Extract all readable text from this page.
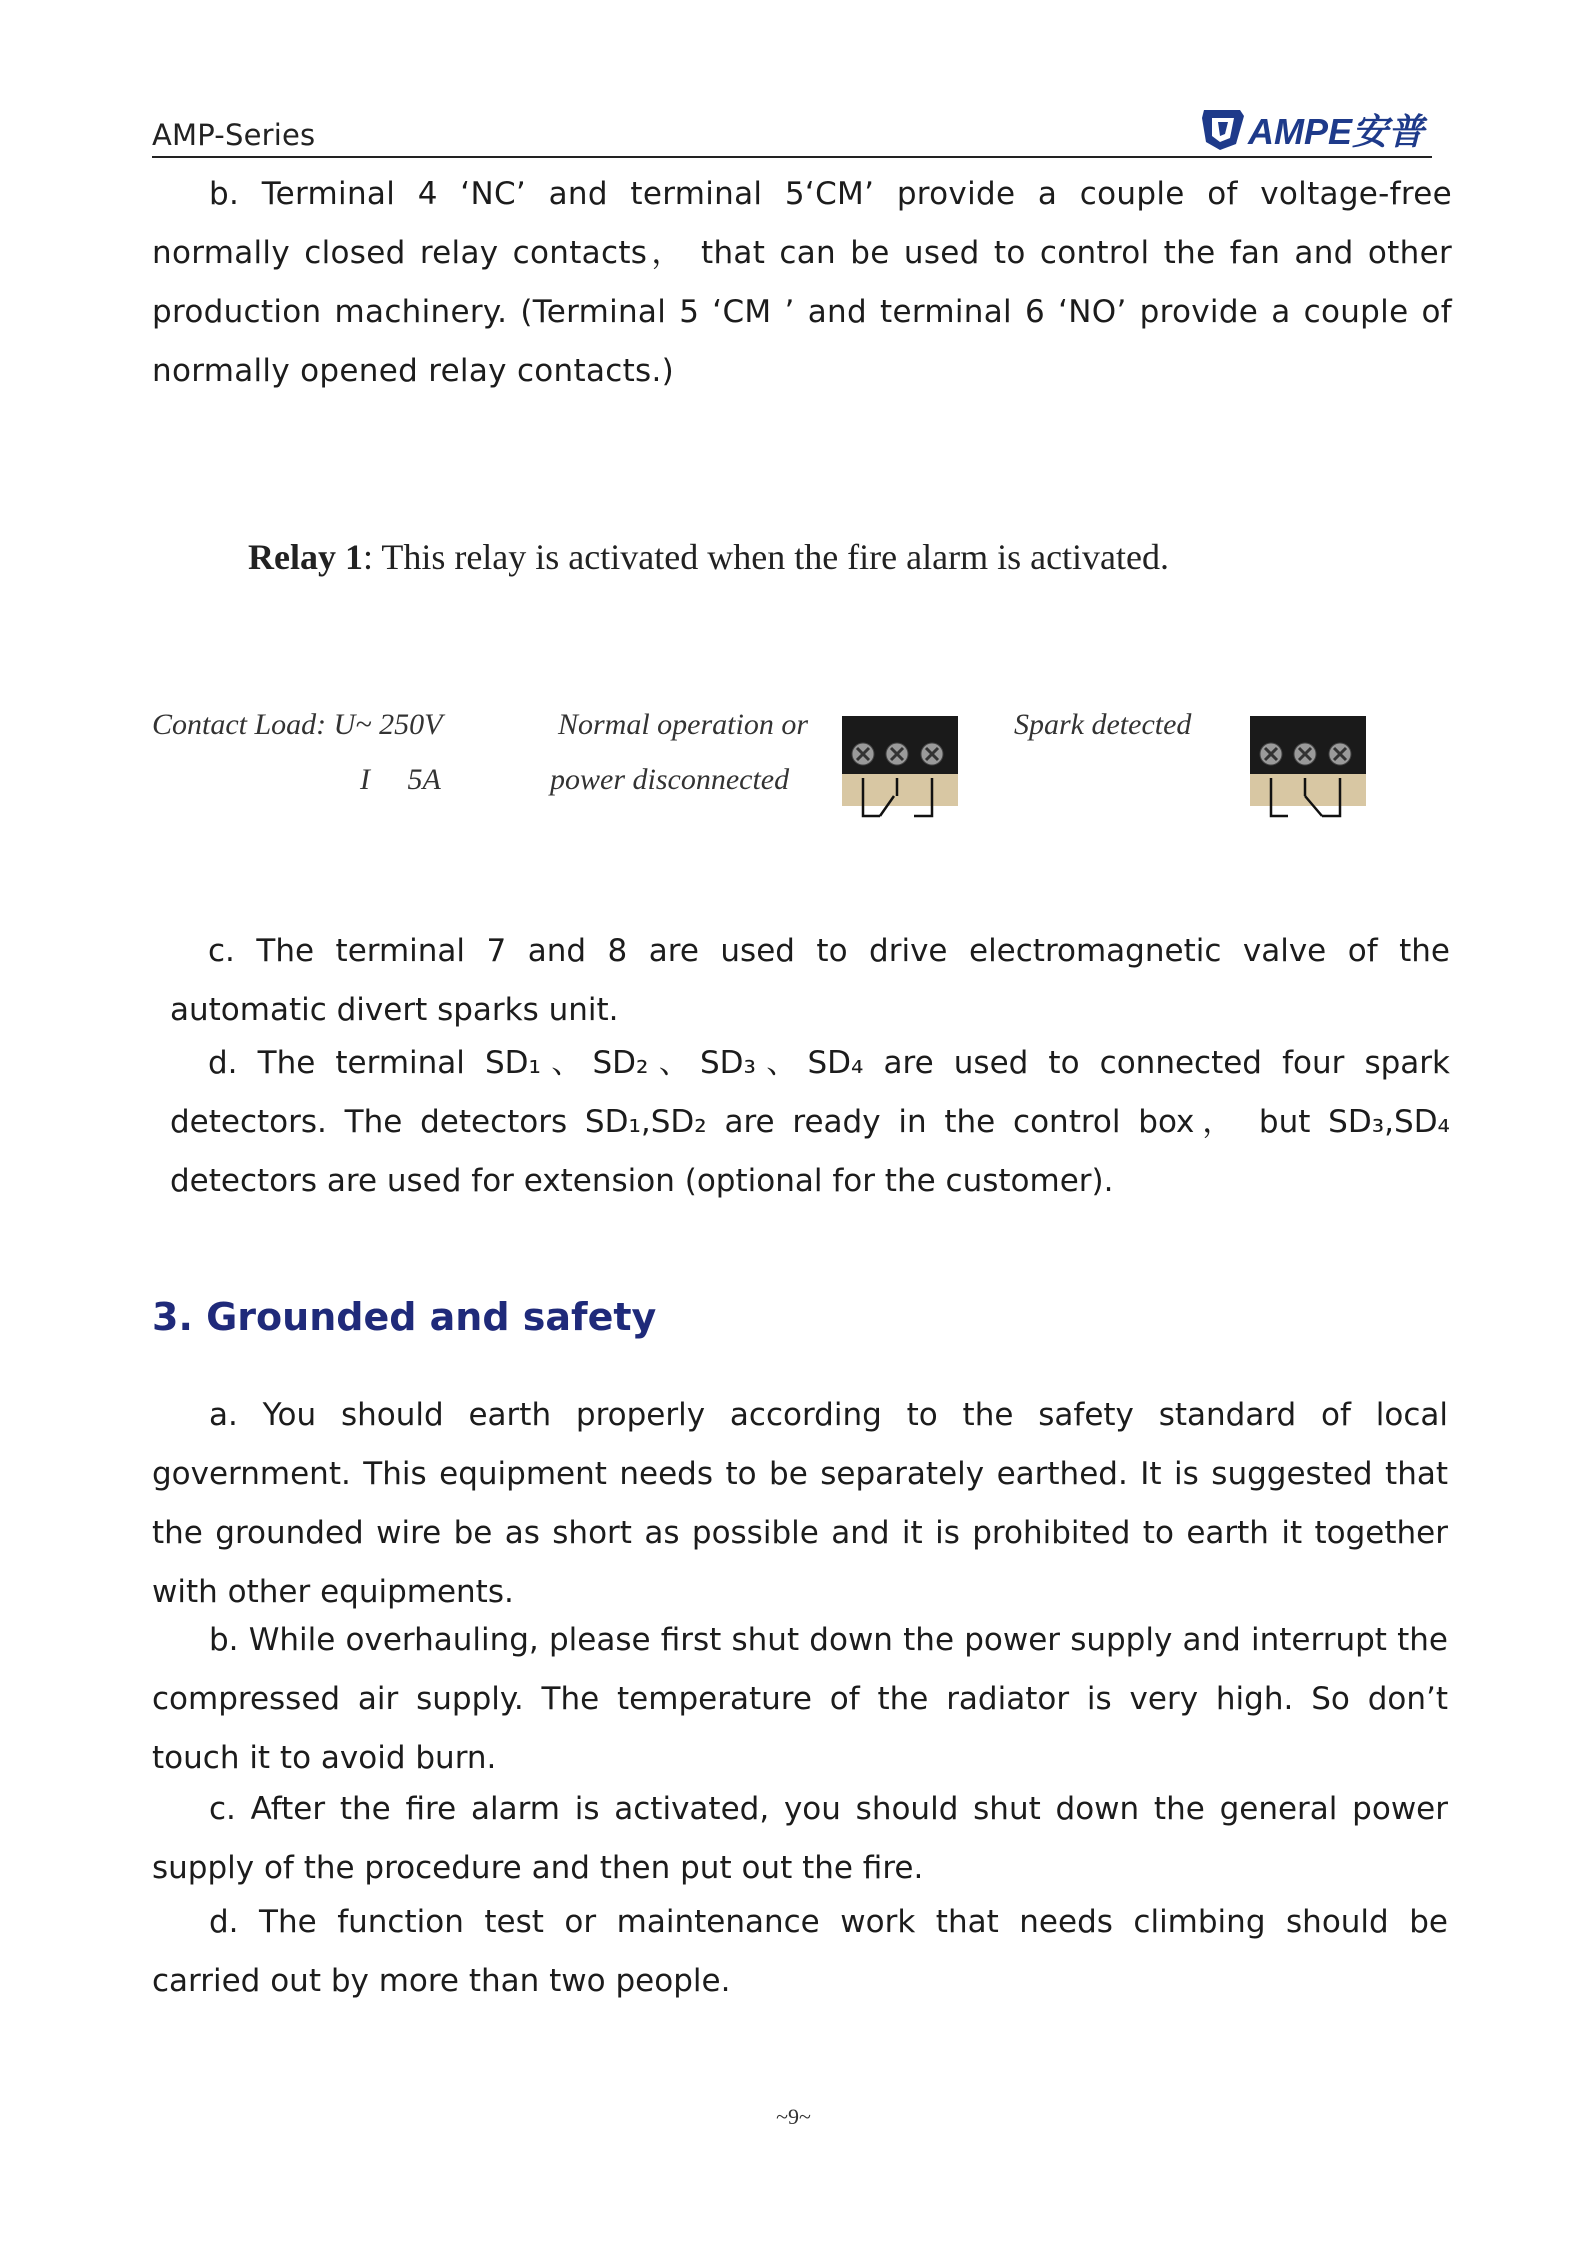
AMP-Series	AMPE安普
b. Terminal 4 ‘NC’ and terminal 5‘CM’ provide a couple of voltage-free normally closed relay contacts， that can be used to control the fan and other production machinery. (Terminal 5 ‘CM ’ and terminal 6 ‘NO’ provide a couple of normally opened relay contacts.)
Relay 1: This relay is activated when the fire alarm is activated.
Contact Load: U~ 250V
I     5A
Normal operation or
power disconnected
Spark detected
c. The terminal 7 and 8 are used to drive electromagnetic valve of the automatic divert sparks unit.
d. The terminal SD₁、SD₂、SD₃、SD₄ are used to connected four spark detectors. The detectors SD₁,SD₂ are ready in the control box， but SD₃,SD₄ detectors are used for extension (optional for the customer).
3. Grounded and safety
a. You should earth properly according to the safety standard of local government. This equipment needs to be separately earthed. It is suggested that the grounded wire be as short as possible and it is prohibited to earth it together with other equipments.
b. While overhauling, please first shut down the power supply and interrupt the compressed air supply. The temperature of the radiator is very high. So don’t touch it to avoid burn.
c. After the fire alarm is activated, you should shut down the general power supply of the procedure and then put out the fire.
d. The function test or maintenance work that needs climbing should be carried out by more than two people.
~9~
